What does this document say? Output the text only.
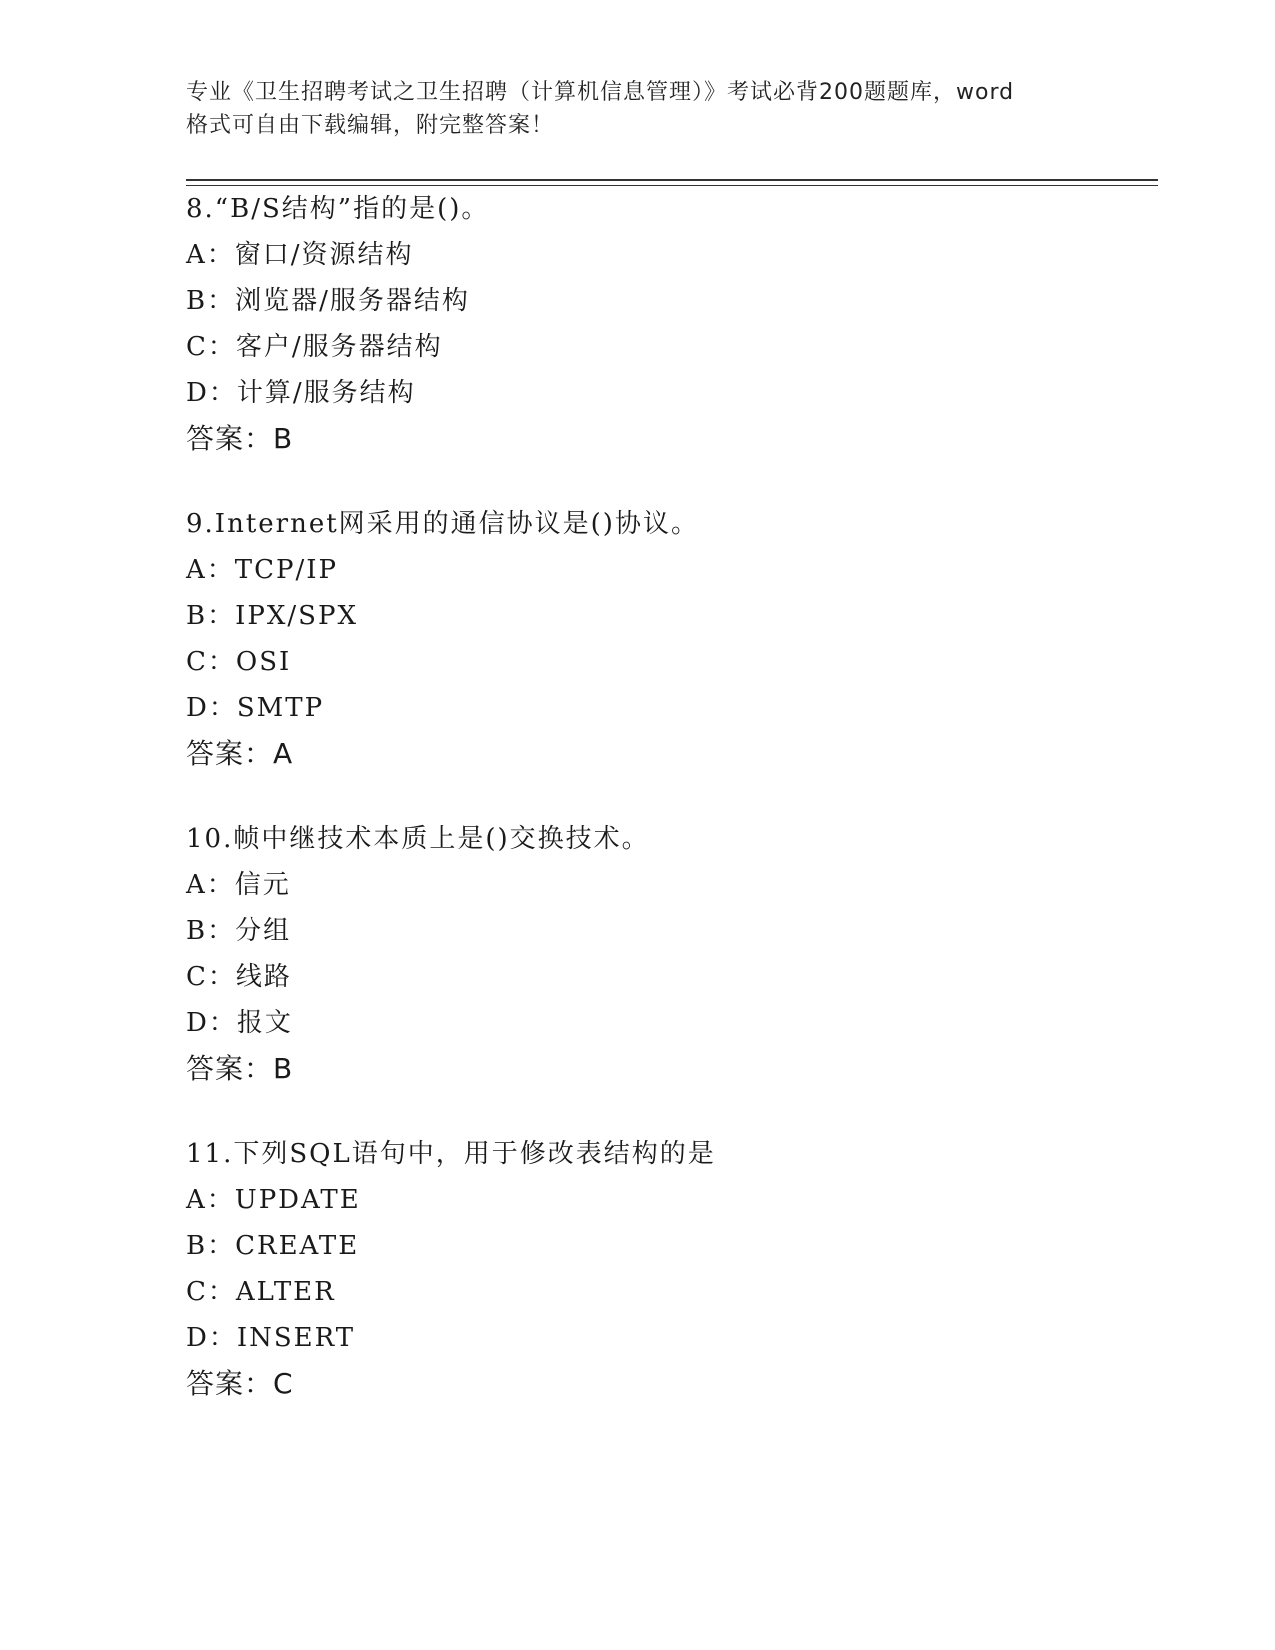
专业《卫生招聘考试之卫生招聘（计算机信息管理）》考试必背200题题库，word
格式可自由下载编辑，附完整答案！
8.“B/S结构”指的是()。
A：窗口/资源结构
B：浏览器/服务器结构
C：客户/服务器结构
D：计算/服务结构
答案：B
9.Internet网采用的通信协议是()协议。
A：TCP/IP
B：IPX/SPX
C：OSI
D：SMTP
答案：A
10.帧中继技术本质上是()交换技术。
A：信元
B：分组
C：线路
D：报文
答案：B
11.下列SQL语句中，用于修改表结构的是
A：UPDATE
B：CREATE
C：ALTER
D：INSERT
答案：C
